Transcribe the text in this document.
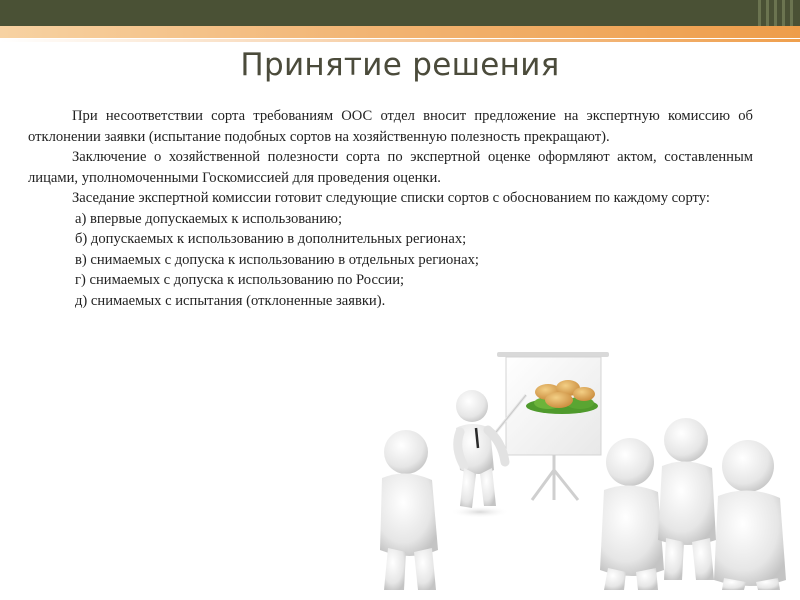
Принятие решения

При несоответствии сорта требованиям ООС отдел вносит предложение на экспертную комиссию об отклонении заявки (испытание подобных сортов на хозяйственную полезность прекращают).

Заключение о хозяйственной полезности сорта по экспертной оценке оформляют актом, составленным лицами, уполномоченными Госкомиссией для проведения оценки.

Заседание экспертной комиссии готовит следующие списки сортов с обоснованием по каждому сорту:

а) впервые допускаемых к использованию;

б) допускаемых к использованию в дополнительных регионах;

в) снимаемых с допуска к использованию в отдельных регионах;

г) снимаемых с допуска к использованию по России;

д) снимаемых с испытания (отклоненные заявки).
